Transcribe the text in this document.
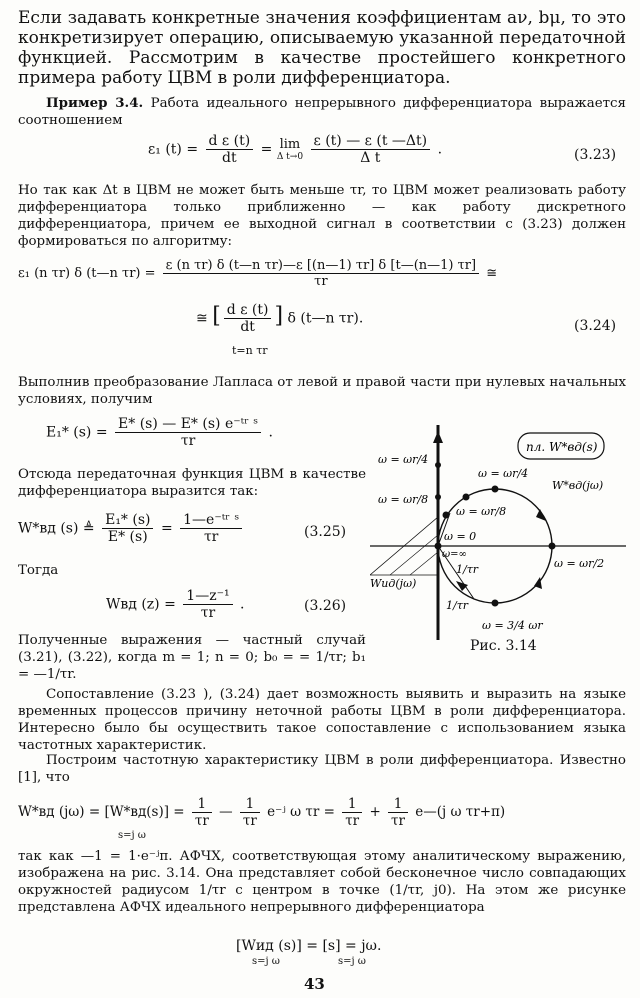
Если задавать конкретные значения коэффициентам aν, bμ, то это конкретизирует операцию, описываемую указанной передаточной функцией. Рассмотрим в качестве простейшего конкретного примера работу ЦВМ в роли дифференциатора.
Пример 3.4. Работа идеального непрерывного дифференциатора выражается соотношением
ε₁ $(t) = \frac{\text{d ε (t)}}{dt} = \lim$
Δ t→0
$\frac{\varepsilon (t) — \varepsilon (t —\Delta t)}{\text{Δ t}}$ .	(3.23)
Но так как Δt в ЦВМ не может быть меньше τr, то ЦВМ может реализовать работу дифференциатора только приближенно — как работу дискретного дифференциатора, причем ее выходной сигнал в соответствии с (3.23) должен формироваться по алгоритму:
ε₁ (n τr) δ (t—n $\tau r) = \frac{\text{ε (n τr) δ (t—n τr)—ε [(n—1) τr] δ [t—(n—1) τr]}}{\tau r}$ ≅
≅ [ $\frac{\text{d ε (t)}}{dt}$ ] δ (t—n τr).
t=n τr
(3.24)
Выполнив преобразование Лапласа от левой и правой части при нулевых начальных условиях, получим
E₁* $(s) = \frac{\text{E* (s) — E* (s) e⁻ᵗʳ ˢ}}{\tau r}$ .
Отсюда передаточная функция ЦВМ в качестве дифференциатора выразится так:
W*вд (s) ≜ $\frac{\text{E₁* (s)}}{E* (s)} = \frac{\text{1—e⁻ᵗʳ ˢ}}{\tau r}$	(3.25)
Тогда
Wвд $(z) = \frac{\text{1—z⁻¹}}{\tau r}$ .	(3.26)
Полученные выражения — частный случай (3.21), (3.22), когда m = 1; n = 0; b₀ = = 1/τr; b₁ = —1/τr.
пл. W*вд(s)
ω = ωr/4
ω = ωr/8
ω = 0
ω = ωr/4
ω = ωr/8
W*вд(jω)
ω = ωr/2
Wид(jω)
1/τr
1/τr
ω = 3/4 ωr
ω=∞
Рис. 3.14
Сопоставление (3.23 ), (3.24) дает возможность выявить и выразить на языке временных процессов причину неточной работы ЦВМ в роли дифференциатора. Интересно было бы осуществить такое сопоставление с использованием языка частотных характеристик.
Построим частотную характеристику ЦВМ в роли дифференциатора. Известно [1], что
W*вд $(j\omega) = [W*вд(s)] = \frac{1}{\tau r}$ — $\frac{1}{\tau r}$ e⁻ʲ ω $\tau r = \frac{1}{\tau r} + \frac{1}{\tau r}$ e—(j ω τr+π)
s=j ω
так как —1 = 1·e⁻ʲπ. АФЧХ, соответствующая этому аналитическому выражению, изображена на рис. 3.14. Она представляет собой бесконечное число совпадающих окружностей радиусом 1/τr с центром в точке (1/τr, j0). На этом же рисунке представлена АФЧХ идеального непрерывного дифференциатора
[Wид (s)] = [s] = jω.
s=j ω	s=j ω
43
